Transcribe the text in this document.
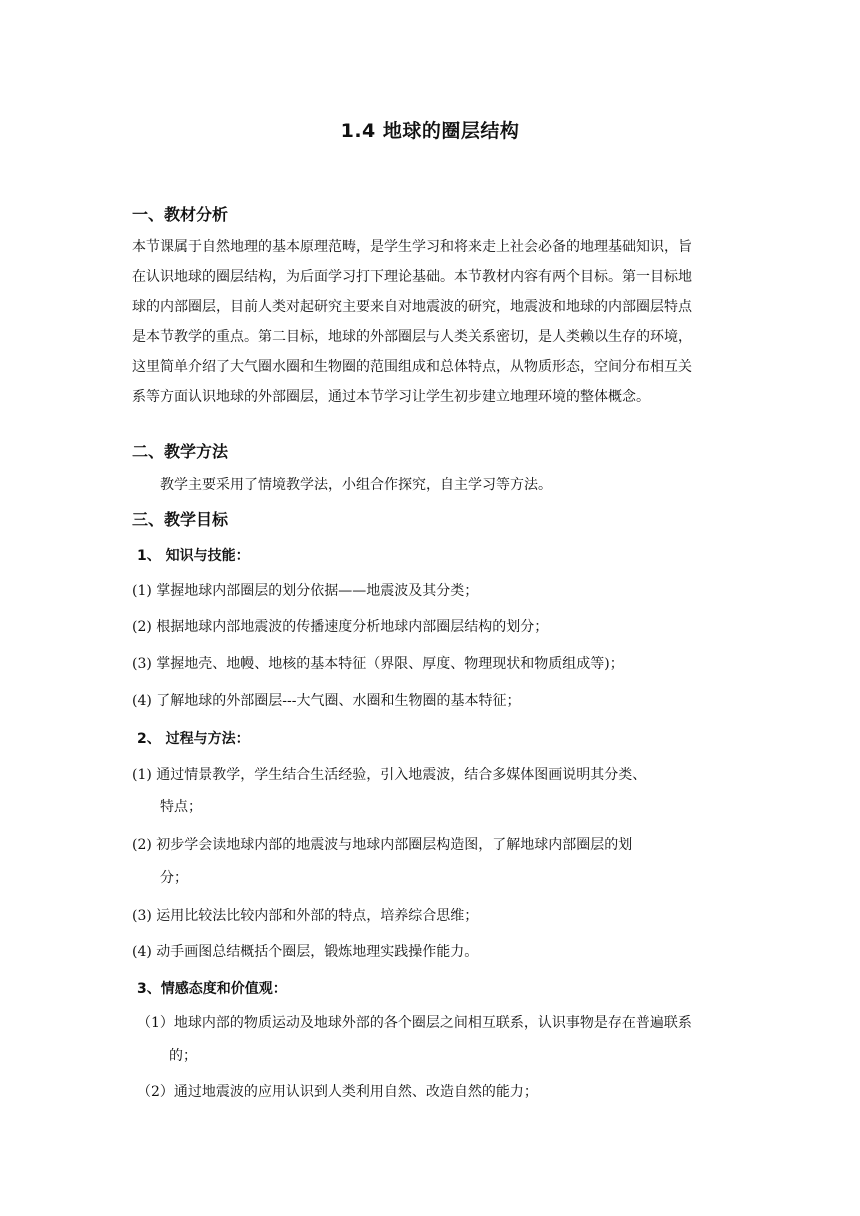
1.4 地球的圈层结构
一、教材分析
本节课属于自然地理的基本原理范畴，是学生学习和将来走上社会必备的地理基础知识，旨
在认识地球的圈层结构，为后面学习打下理论基础。本节教材内容有两个目标。第一目标地
球的内部圈层，目前人类对起研究主要来自对地震波的研究，地震波和地球的内部圈层特点
是本节教学的重点。第二目标，地球的外部圈层与人类关系密切，是人类赖以生存的环境，
这里简单介绍了大气圈水圈和生物圈的范围组成和总体特点，从物质形态，空间分布相互关
系等方面认识地球的外部圈层，通过本节学习让学生初步建立地理环境的整体概念。
二、教学方法
教学主要采用了情境教学法，小组合作探究，自主学习等方法。
三、教学目标
1、 知识与技能：
(1) 掌握地球内部圈层的划分依据——地震波及其分类；
(2) 根据地球内部地震波的传播速度分析地球内部圈层结构的划分；
(3) 掌握地壳、地幔、地核的基本特征（界限、厚度、物理现状和物质组成等)；
(4) 了解地球的外部圈层---大气圈、水圈和生物圈的基本特征；
2、 过程与方法：
(1) 通过情景教学，学生结合生活经验，引入地震波，结合多媒体图画说明其分类、
特点；
(2) 初步学会读地球内部的地震波与地球内部圈层构造图，了解地球内部圈层的划
分；
(3) 运用比较法比较内部和外部的特点，培养综合思维；
(4) 动手画图总结概括个圈层，锻炼地理实践操作能力。
3、情感态度和价值观：
（1）地球内部的物质运动及地球外部的各个圈层之间相互联系，认识事物是存在普遍联系
的；
（2）通过地震波的应用认识到人类利用自然、改造自然的能力；
